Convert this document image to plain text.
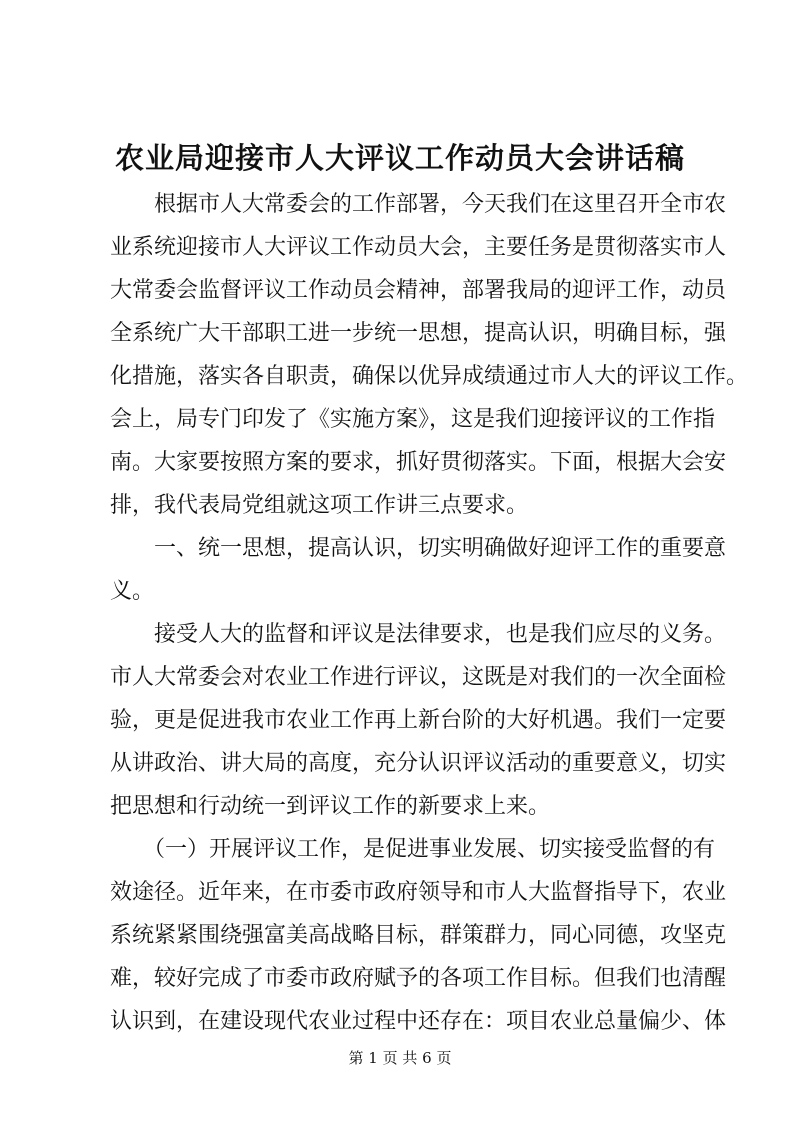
农业局迎接市人大评议工作动员大会讲话稿
　　根据市人大常委会的工作部署，今天我们在这里召开全市农
业系统迎接市人大评议工作动员大会，主要任务是贯彻落实市人
大常委会监督评议工作动员会精神，部署我局的迎评工作，动员
全系统广大干部职工进一步统一思想，提高认识，明确目标，强
化措施，落实各自职责，确保以优异成绩通过市人大的评议工作。
会上，局专门印发了《实施方案》，这是我们迎接评议的工作指
南。大家要按照方案的要求，抓好贯彻落实。下面，根据大会安
排，我代表局党组就这项工作讲三点要求。
　　一、统一思想，提高认识，切实明确做好迎评工作的重要意
义。
　　接受人大的监督和评议是法律要求，也是我们应尽的义务。
市人大常委会对农业工作进行评议，这既是对我们的一次全面检
验，更是促进我市农业工作再上新台阶的大好机遇。我们一定要
从讲政治、讲大局的高度，充分认识评议活动的重要意义，切实
把思想和行动统一到评议工作的新要求上来。
　　（一）开展评议工作，是促进事业发展、切实接受监督的有
效途径。近年来，在市委市政府领导和市人大监督指导下，农业
系统紧紧围绕强富美高战略目标，群策群力，同心同德，攻坚克
难，较好完成了市委市政府赋予的各项工作目标。但我们也清醒
认识到，在建设现代农业过程中还存在：项目农业总量偏少、体
第 1 页 共 6 页
